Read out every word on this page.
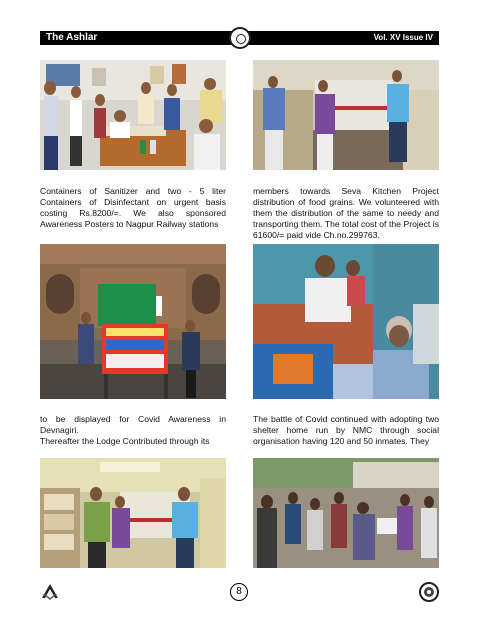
The Ashlar	Vol. XV Issue IV

Containers of Sanitizer and two - 5 liter Containers of Disinfectant on urgent basis costing Rs.8200/=. We also sponsored Awareness Posters to Nagpur Railway stations

members towards Seva Kitchen Project distribution of food grains. We volunteered with them the distribution of the same to needy and transporting them. The total cost of the Project is 61600/= paid vide Ch.no.299763.

to be displayed for Covid Awareness in Devnagiri.

Thereafter the Lodge Contributed through its

The battle of Covid continued with adopting two shelter home run by NMC through social organisation having 120 and 50 inmates. They

8
